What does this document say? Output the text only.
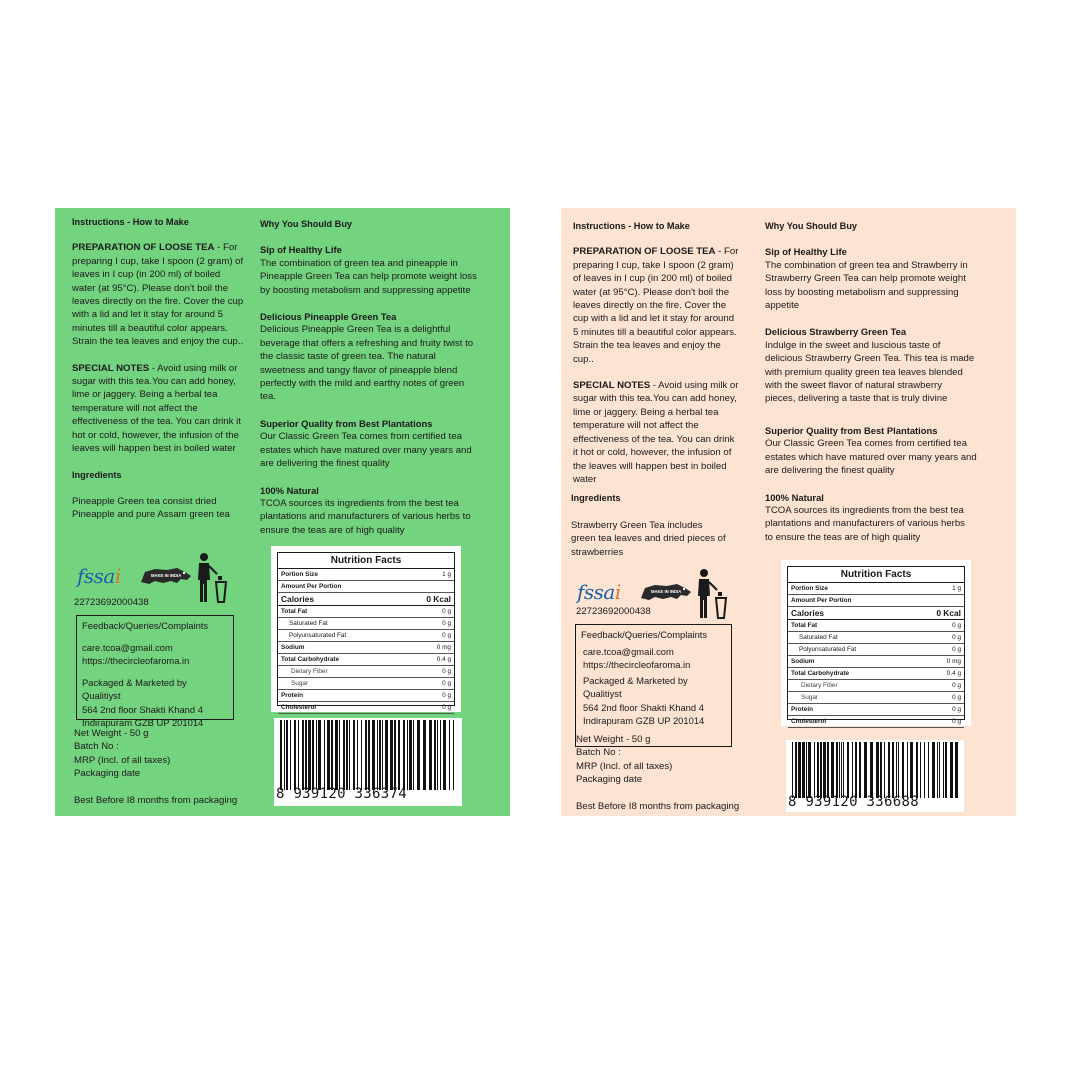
Instructions - How to Make

PREPARATION OF LOOSE TEA - For

preparing I cup, take I spoon (2 gram) of

leaves in I cup (in 200 ml) of boiled

water (at 95°C). Please don't boil the

leaves directly on the fire. Cover the cup

with a lid and let it stay for around 5

minutes till a beautiful color appears.

Strain the tea leaves and enjoy the cup..

SPECIAL NOTES - Avoid using milk or

sugar with this tea.You can add honey,

lime or jaggery. Being a herbal tea

temperature will not affect the

effectiveness of the tea. You can drink it

hot or cold, however, the infusion of the

leaves will happen best in boiled water

Ingredients

Pineapple Green tea consist dried

Pineapple and pure Assam green tea

fssai	MAKE IN INDIA
22723692000438
Feedback/Queries/Complaints
care.tcoa@gmail.com
https://thecircleofaroma.in
Packaged & Marketed by
Qualitiyst
564 2nd floor Shakti Khand 4
Indirapuram GZB UP 201014
Net Weight - 50 g
Batch No :
MRP (Incl. of all taxes)
Packaging date
Best Before I8 months from packaging

Why You Should Buy

Sip of Healthy Life

The combination of green tea and pineapple in

Pineapple Green Tea can help promote weight loss

by boosting metabolism and suppressing appetite

Delicious Pineapple Green Tea

Delicious Pineapple Green Tea is a delightful

beverage that offers a refreshing and fruity twist to

the classic taste of green tea. The natural

sweetness and tangy flavor of pineapple blend

perfectly with the mild and earthy notes of green

tea.

Superior Quality from Best Plantations

Our Classic Green Tea comes from certified tea

estates which have matured over many years and

are delivering the finest quality

100% Natural

TCOA sources its ingredients from the best tea

plantations and manufacturers of various herbs to

ensure the teas are of high quality

Nutrition Facts
Portion Size	1 g
Amount Per Portion
Calories	0 Kcal
Total Fat	0 g
Saturated Fat	0 g
Polyunsaturated Fat	0 g
Sodium	0 mg
Total Carbohydrate	0.4 g
Dietary Fiber	0 g
Sugar	0 g
Protein	0 g
Cholesterol	0 g
8 939120 336374

Instructions - How to Make

PREPARATION OF LOOSE TEA - For

preparing I cup, take I spoon (2 gram)

of leaves in I cup (in 200 ml) of boiled

water (at 95°C). Please don't boil the

leaves directly on the fire. Cover the

cup with a lid and let it stay for around

5 minutes till a beautiful color appears.

Strain the tea leaves and enjoy the

cup..

SPECIAL NOTES - Avoid using milk or

sugar with this tea.You can add honey,

lime or jaggery. Being a herbal tea

temperature will not affect the

effectiveness of the tea. You can drink

it hot or cold, however, the infusion of

the leaves will happen best in boiled

water

Ingredients

Strawberry Green Tea includes

green tea leaves and dried pieces of

strawberries

fssai	MAKE IN INDIA
22723692000438
Feedback/Queries/Complaints
care.tcoa@gmail.com
https://thecircleofaroma.in
Packaged & Marketed by
Qualitiyst
564 2nd floor Shakti Khand 4
Indirapuram GZB UP 201014
Net Weight - 50 g
Batch No :
MRP (Incl. of all taxes)
Packaging date
Best Before I8 months from packaging

Why You Should Buy

Sip of Healthy Life

The combination of green tea and Strawberry in

Strawberry Green Tea can help promote weight

loss by boosting metabolism and suppressing

appetite

Delicious Strawberry Green Tea

Indulge in the sweet and luscious taste of

delicious Strawberry Green Tea. This tea is made

with premium quality green tea leaves blended

with the sweet flavor of natural strawberry

pieces, delivering a taste that is truly divine

Superior Quality from Best Plantations

Our Classic Green Tea comes from certified tea

estates which have matured over many years and

are delivering the finest quality

100% Natural

TCOA sources its ingredients from the best tea

plantations and manufacturers of various herbs

to ensure the teas are of high quality

Nutrition Facts
Portion Size	1 g
Amount Per Portion
Calories	0 Kcal
Total Fat	0 g
Saturated Fat	0 g
Polyunsaturated Fat	0 g
Sodium	0 mg
Total Carbohydrate	0.4 g
Dietary Fiber	0 g
Sugar	0 g
Protein	0 g
Cholesterol	0 g
8 939120 336688
